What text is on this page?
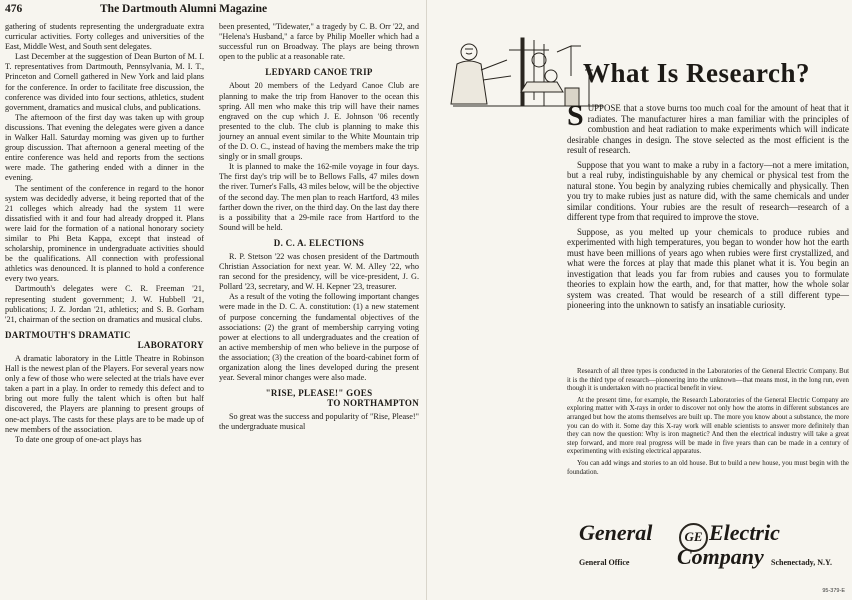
476	The Dartmouth Alumni Magazine

gathering of students representing the undergraduate extra curricular activities. Forty colleges and universities of the East, Middle West, and South sent delegates.

Last December at the suggestion of Dean Burton of M. I. T. representatives from Dartmouth, Pennsylvania, M. I. T., Princeton and Cornell gathered in New York and laid plans for the conference. In order to facilitate free discussion, the conference was divided into four sections, athletics, student government, dramatics and musical clubs, and publications.

The afternoon of the first day was taken up with group discussions. That evening the delegates were given a dance in Walker Hall. Saturday morning was given up to further group discussion. That afternoon a general meeting of the entire conference was held and reports from the sections were made. The gathering ended with a dinner in the evening.

The sentiment of the conference in regard to the honor system was decidedly adverse, it being reported that of the 21 colleges which already had the system 11 were dissatisfied with it and four had already dropped it. Plans were laid for the formation of a national honorary society similar to Phi Beta Kappa, except that instead of scholarship, prominence in undergraduate activities should be the qualifications. All connection with professional athletics was denounced. It is planned to hold a conference every two years.

Dartmouth's delegates were C. R. Freeman '21, representing student government; J. W. Hubbell '21, publications; J. Z. Jordan '21, athletics; and S. B. Gorham '21, chairman of the section on dramatics and musical clubs.

DARTMOUTH'S DRAMATIC
LABORATORY

A dramatic laboratory in the Little Theatre in Robinson Hall is the newest plan of the Players. For several years now only a few of those who were selected at the trials have ever taken a part in a play. In order to remedy this defect and to bring out more fully the talent which is often but half discovered, the Players are planning to present groups of one-act plays. The casts for these plays are to be made up of new members of the association.

To date one group of one-act plays has

been presented, "Tidewater," a tragedy by C. B. Orr '22, and "Helena's Husband," a farce by Philip Moeller which had a successful run on Broadway. The plays are being thrown open to the public at a reasonable rate.

LEDYARD CANOE TRIP

About 20 members of the Ledyard Canoe Club are planning to make the trip from Hanover to the ocean this spring. All men who make this trip will have their names engraved on the cup which J. E. Johnson '06 recently presented to the club. The club is planning to make this journey an annual event similar to the White Mountain trip of the D. O. C., instead of having the members make the trip singly or in small groups.

It is planned to make the 162-mile voyage in four days. The first day's trip will be to Bellows Falls, 47 miles down the river. Turner's Falls, 43 miles below, will be the objective of the second day. The men plan to reach Hartford, 43 miles farther down the river, on the third day. On the last day there is a possibility that a 29-mile race from Hartford to the Sound will be held.

D. C. A. ELECTIONS

R. P. Stetson '22 was chosen president of the Dartmouth Christian Association for next year. W. M. Alley '22, who ran second for the presidency, will be vice-president, J. G. Pollard '23, secretary, and W. H. Kepner '23, treasurer.

As a result of the voting the following important changes were made in the D. C. A. constitution: (1) a new statement of purpose concerning the fundamental objectives of the associations: (2) the grant of membership carrying voting power at elections to all undergraduates and the creation of an active membership of men who believe in the purpose of the association; (3) the creation of the board-cabinet form of organization along the lines developed during the present year. Several minor changes were also made.

"RISE, PLEASE!" GOES

TO NORTHAMPTON

So great was the success and popularity of "Rise, Please!" the undergraduate musical

What Is Research?

SUPPOSE that a stove burns too much coal for the amount of heat that it radiates. The manufacturer hires a man familiar with the principles of combustion and heat radiation to make experiments which will indicate desirable changes in design. The stove selected as the most efficient is the result of research.

Suppose that you want to make a ruby in a factory—not a mere imitation, but a real ruby, indistinguishable by any chemical or physical test from the natural stone. You begin by analyzing rubies chemically and physically. Then you try to make rubies just as nature did, with the same chemicals and under similar conditions. Your rubies are the result of research—research of a different type from that required to improve the stove.

Suppose, as you melted up your chemicals to produce rubies and experimented with high temperatures, you began to wonder how hot the earth must have been millions of years ago when rubies were first crystallized, and what were the forces at play that made this planet what it is. You begin an investigation that leads you far from rubies and causes you to formulate theories to explain how the earth, and, for that matter, how the whole solar system was created. That would be research of a still different type—pioneering into the unknown to satisfy an insatiable curiosity.

Research of all three types is conducted in the Laboratories of the General Electric Company. But it is the third type of research—pioneering into the unknown—that means most, in the long run, even though it is undertaken with no practical benefit in view.

At the present time, for example, the Research Laboratories of the General Electric Company are exploring matter with X-rays in order to discover not only how the atoms in different substances are arranged but how the atoms themselves are built up. The more you know about a substance, the more you can do with it. Some day this X-ray work will enable scientists to answer more definitely than they can now the question: Why is iron magnetic? And then the electrical industry will take a great step forward, and more real progress will be made in five years than can be made in a century of experimenting with existing electrical apparatus.

You can add wings and stories to an old house. But to build a new house, you must begin with the foundation.

General GE Electric
Company
General Office	Schenectady, N.Y.
95-379-E
